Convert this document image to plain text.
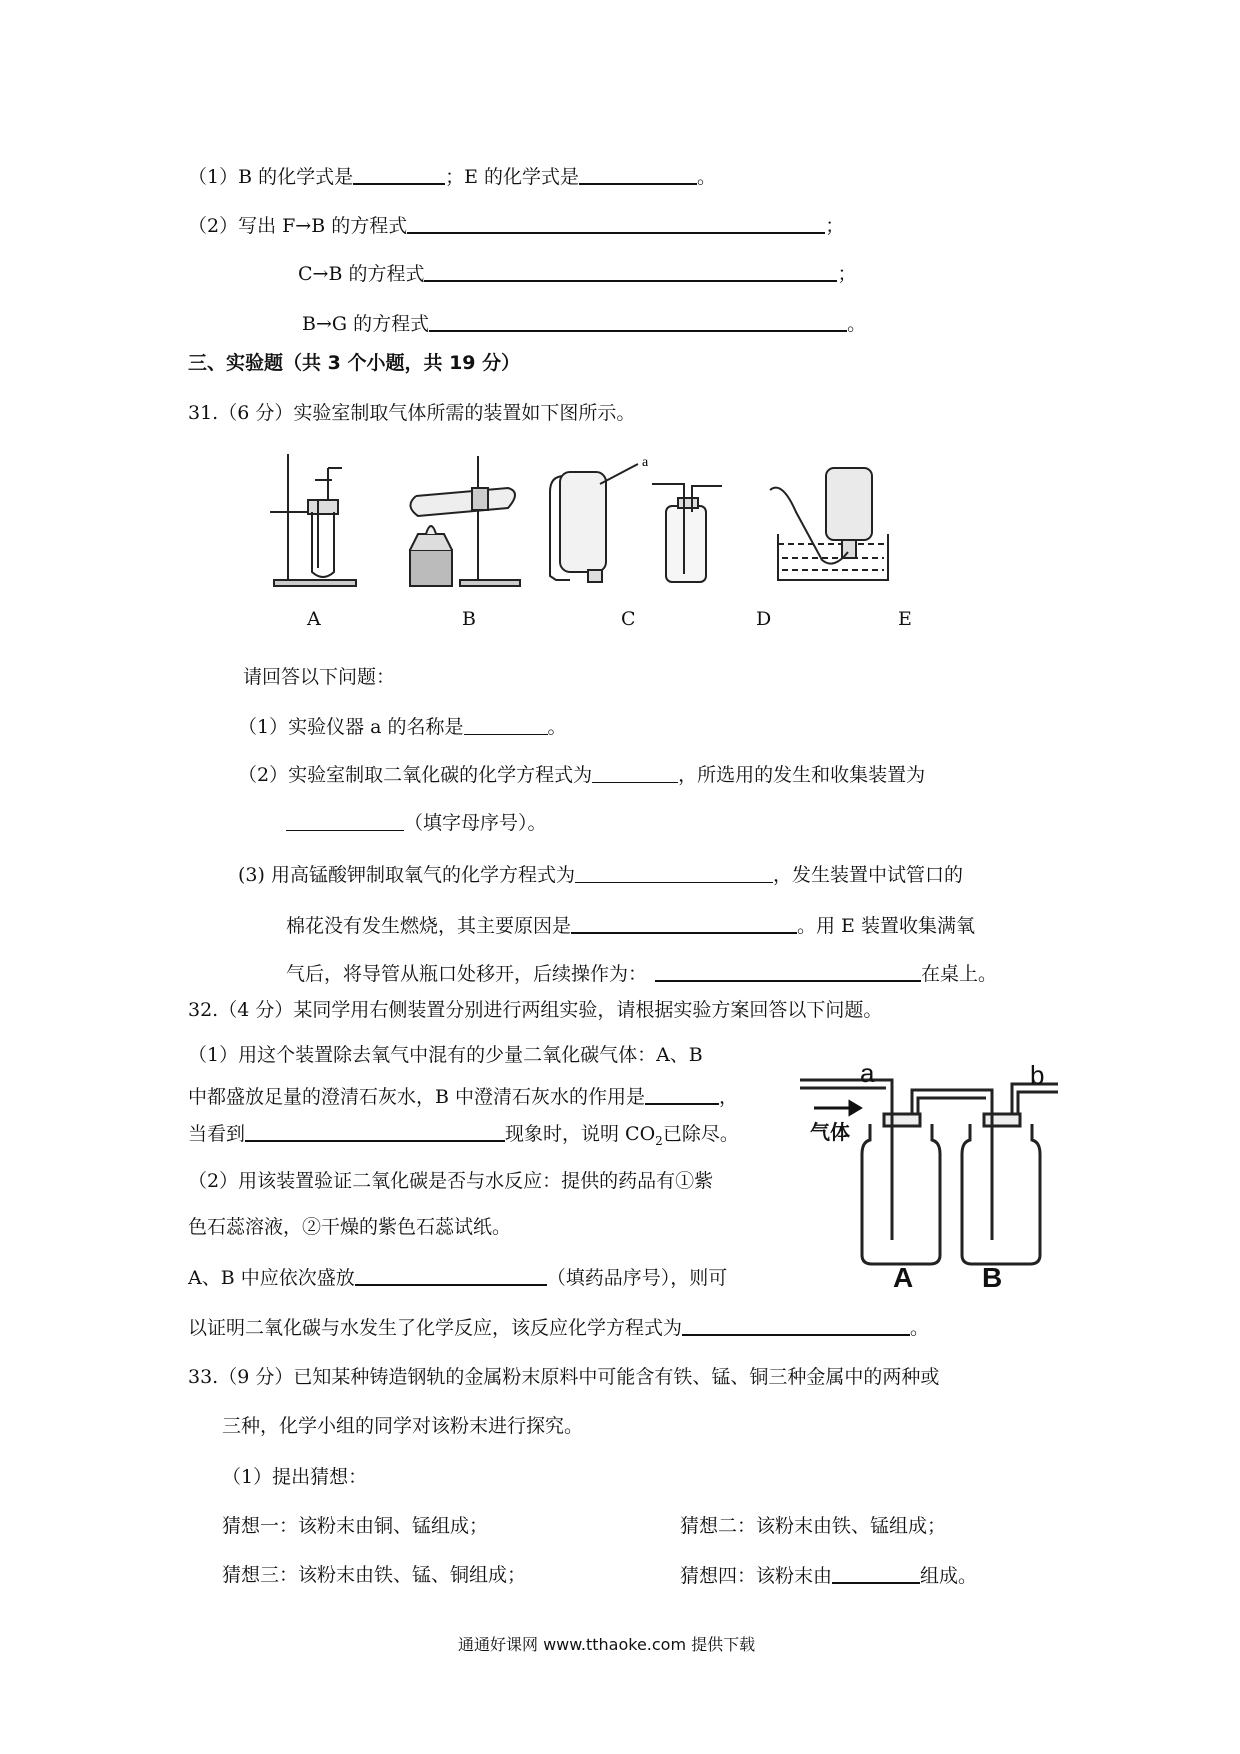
（1）B 的化学式是	；E 的化学式是	。
（2）写出 F→B 的方程式	；
C→B 的方程式	；
B→G 的方程式	。
三、实验题（共 3 个小题，共 19 分）
31.（6 分）实验室制取气体所需的装置如下图所示。
a
A	B	C	D	E
请回答以下问题：
（1）实验仪器 a 的名称是	。
（2）实验室制取二氧化碳的化学方程式为	，所选用的发生和收集装置为
（填字母序号）。
(3) 用高锰酸钾制取氧气的化学方程式为	，发生装置中试管口的
棉花没有发生燃烧，其主要原因是	。用 E 装置收集满氧
气后，将导管从瓶口处移开，后续操作为：	在桌上。
32.（4 分）某同学用右侧装置分别进行两组实验，请根据实验方案回答以下问题。
（1）用这个装置除去氧气中混有的少量二氧化碳气体：A、B
中都盛放足量的澄清石灰水，B 中澄清石灰水的作用是	，
当看到	现象时，说明 $CO_2$已除尽。
（2）用该装置验证二氧化碳是否与水反应：提供的药品有①紫
色石蕊溶液，②干燥的紫色石蕊试纸。
A、B 中应依次盛放	（填药品序号），则可
以证明二氧化碳与水发生了化学反应，该反应化学方程式为	。
a	b
气体
A B
33.（9 分）已知某种铸造钢轨的金属粉末原料中可能含有铁、锰、铜三种金属中的两种或
三种，化学小组的同学对该粉末进行探究。
（1）提出猜想：
猜想一：该粉末由铜、锰组成；	猜想二：该粉末由铁、锰组成；
猜想三：该粉末由铁、锰、铜组成；	猜想四：该粉末由	组成。
通通好课网 www.tthaoke.com 提供下载
